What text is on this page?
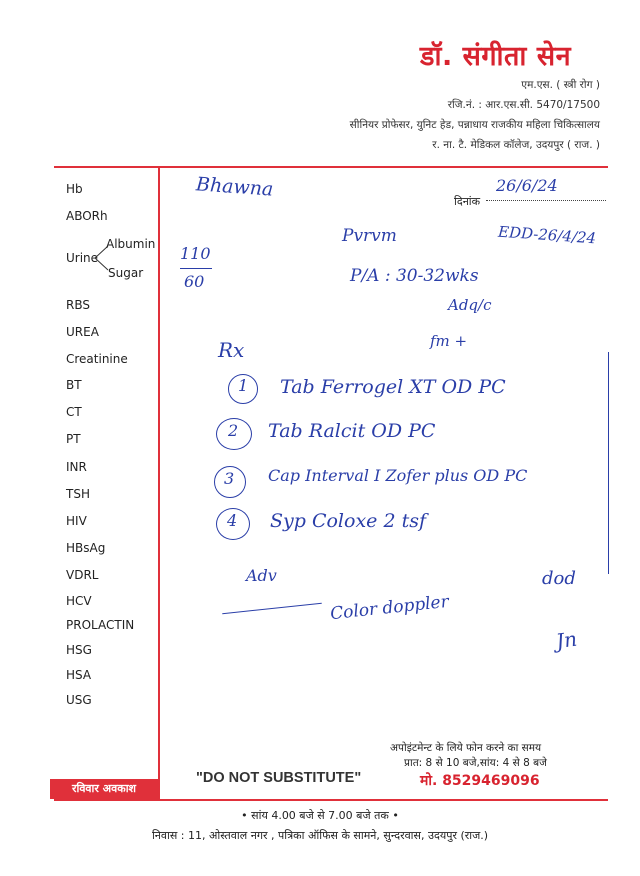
डॉ. संगीता सेन
एम.एस. ( स्त्री रोग )
रजि.नं. : आर.एस.सी. 5470/17500
सीनियर प्रोफेसर, युनिट हेड, पन्नाधाय राजकीय महिला चिकित्सालय
र. ना. टै. मेडिकल कॉलेज, उदयपुर ( राज. )
Hb
ABORh
Urine
Albumin
Sugar
RBS
UREA
Creatinine
BT
CT
PT
INR
TSH
HIV
HBsAg
VDRL
HCV
PROLACTIN
HSG
HSA
USG
दिनांक
Bhawna	26/6/24
Pvrvm	EDD-26/4/24
110
60	P/A : 30-32wks
Adq/c
fm +
Rx
1 Tab Ferrogel XT OD PC
2 Tab Ralcit OD PC
3 Cap Interval I Zofer plus OD PC
4 Syp Coloxe 2 tsf
Adv
Color doppler
dod
Jn
अपोइंटमेन्ट के लिये फोन करने का समय
प्रात: 8 से 10 बजे,सांय: 4 से 8 बजे
मो. 8529469096
"DO NOT SUBSTITUTE"
रविवार अवकाश
• सांय 4.00 बजे से 7.00 बजे तक •
निवास : 11, ओस्तवाल नगर , पत्रिका ऑफिस के सामने, सुन्दरवास, उदयपुर (राज.)
